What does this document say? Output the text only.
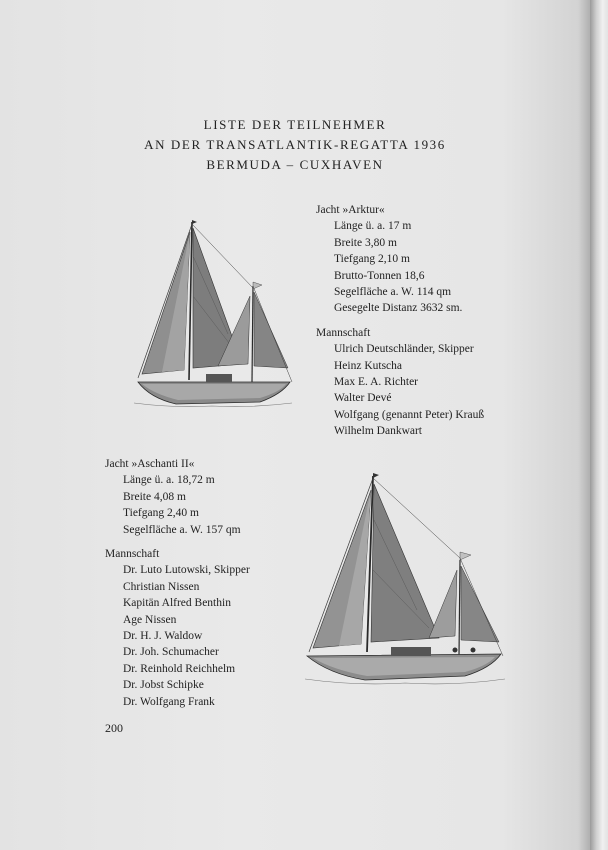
LISTE DER TEILNEHMER
AN DER TRANSATLANTIK-REGATTA 1936
BERMUDA – CUXHAVEN
Jacht »Arktur«
Länge ü. a. 17 m
Breite 3,80 m
Tiefgang 2,10 m
Brutto-Tonnen 18,6
Segelfläche a. W. 114 qm
Gesegelte Distanz 3632 sm.
Mannschaft
Ulrich Deutschländer, Skipper
Heinz Kutscha
Max E. A. Richter
Walter Devé
Wolfgang (genannt Peter) Krauß
Wilhelm Dankwart
Jacht »Aschanti II«
Länge ü. a. 18,72 m
Breite 4,08 m
Tiefgang 2,40 m
Segelfläche a. W. 157 qm
Mannschaft
Dr. Luto Lutowski, Skipper
Christian Nissen
Kapitän Alfred Benthin
Age Nissen
Dr. H. J. Waldow
Dr. Joh. Schumacher
Dr. Reinhold Reichhelm
Dr. Jobst Schipke
Dr. Wolfgang Frank
200
